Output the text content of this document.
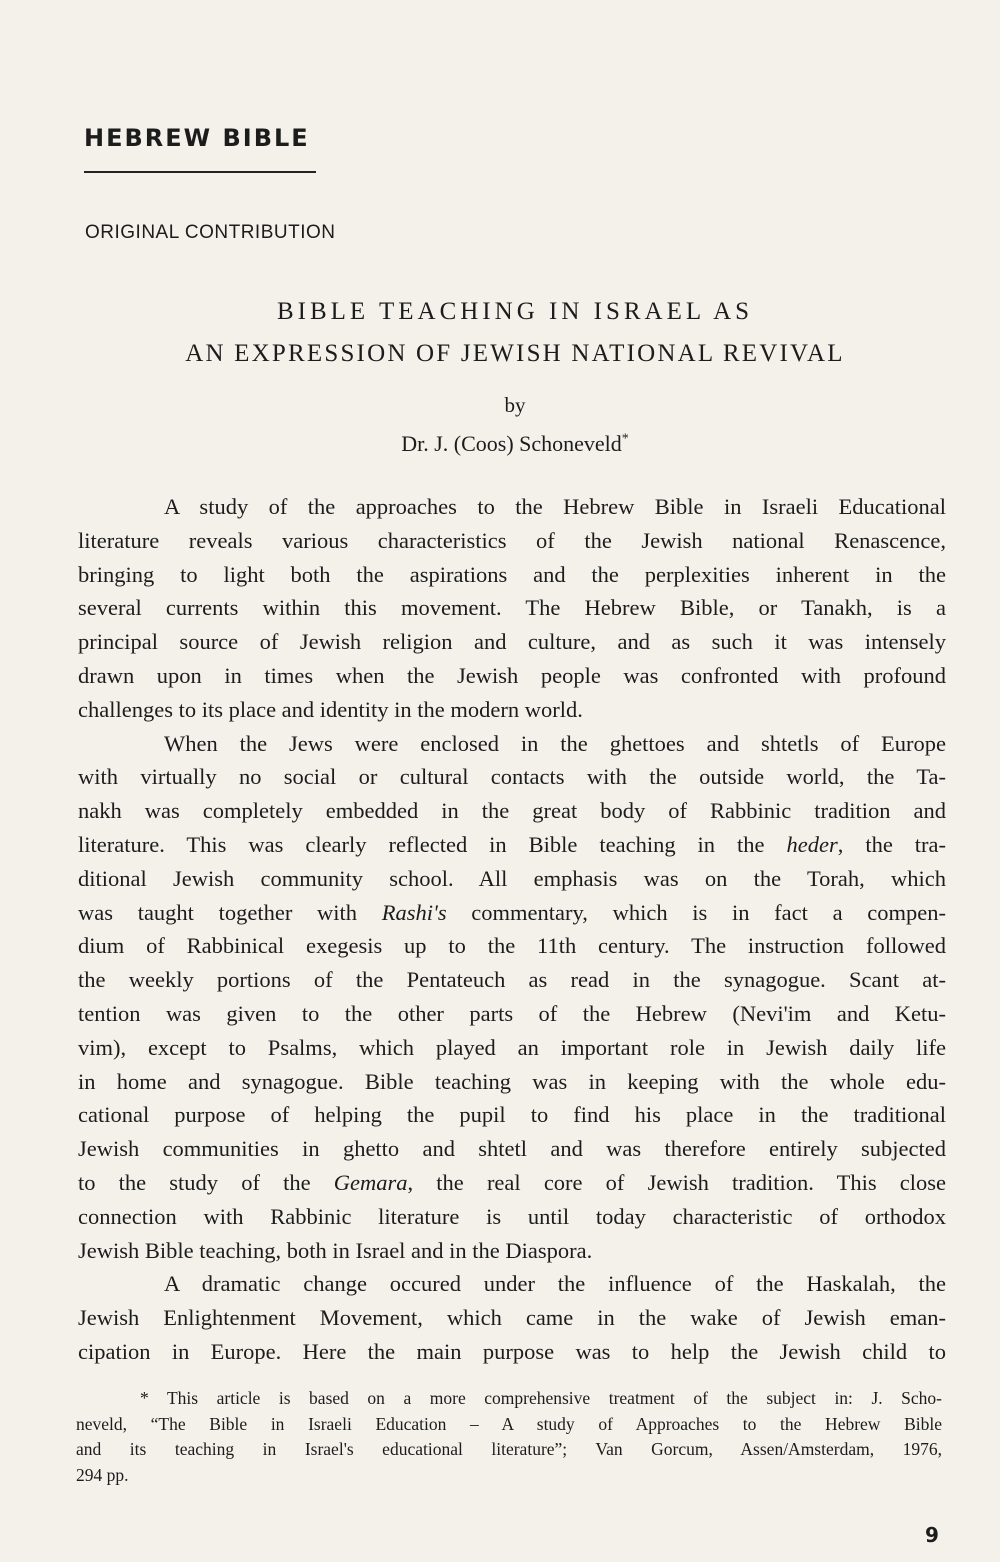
HEBREW BIBLE
ORIGINAL CONTRIBUTION
BIBLE TEACHING IN ISRAEL AS
AN EXPRESSION OF JEWISH NATIONAL REVIVAL
by
Dr. J. (Coos) Schoneveld*
A study of the approaches to the Hebrew Bible in Israeli Educational
literature reveals various characteristics of the Jewish national Renascence,
bringing to light both the aspirations and the perplexities inherent in the
several currents within this movement. The Hebrew Bible, or Tanakh, is a
principal source of Jewish religion and culture, and as such it was intensely
drawn upon in times when the Jewish people was confronted with profound
challenges to its place and identity in the modern world.
When the Jews were enclosed in the ghettoes and shtetls of Europe
with virtually no social or cultural contacts with the outside world, the Ta-
nakh was completely embedded in the great body of Rabbinic tradition and
literature. This was clearly reflected in Bible teaching in the heder, the tra-
ditional Jewish community school. All emphasis was on the Torah, which
was taught together with Rashi's commentary, which is in fact a compen-
dium of Rabbinical exegesis up to the 11th century. The instruction followed
the weekly portions of the Pentateuch as read in the synagogue. Scant at-
tention was given to the other parts of the Hebrew (Nevi'im and Ketu-
vim), except to Psalms, which played an important role in Jewish daily life
in home and synagogue. Bible teaching was in keeping with the whole edu-
cational purpose of helping the pupil to find his place in the traditional
Jewish communities in ghetto and shtetl and was therefore entirely subjected
to the study of the Gemara, the real core of Jewish tradition. This close
connection with Rabbinic literature is until today characteristic of orthodox
Jewish Bible teaching, both in Israel and in the Diaspora.
A dramatic change occured under the influence of the Haskalah, the
Jewish Enlightenment Movement, which came in the wake of Jewish eman-
cipation in Europe. Here the main purpose was to help the Jewish child to
* This article is based on a more comprehensive treatment of the subject in: J. Scho-
neveld, “The Bible in Israeli Education – A study of Approaches to the Hebrew Bible
and its teaching in Israel's educational literature”; Van Gorcum, Assen/Amsterdam, 1976,
294 pp.
9
